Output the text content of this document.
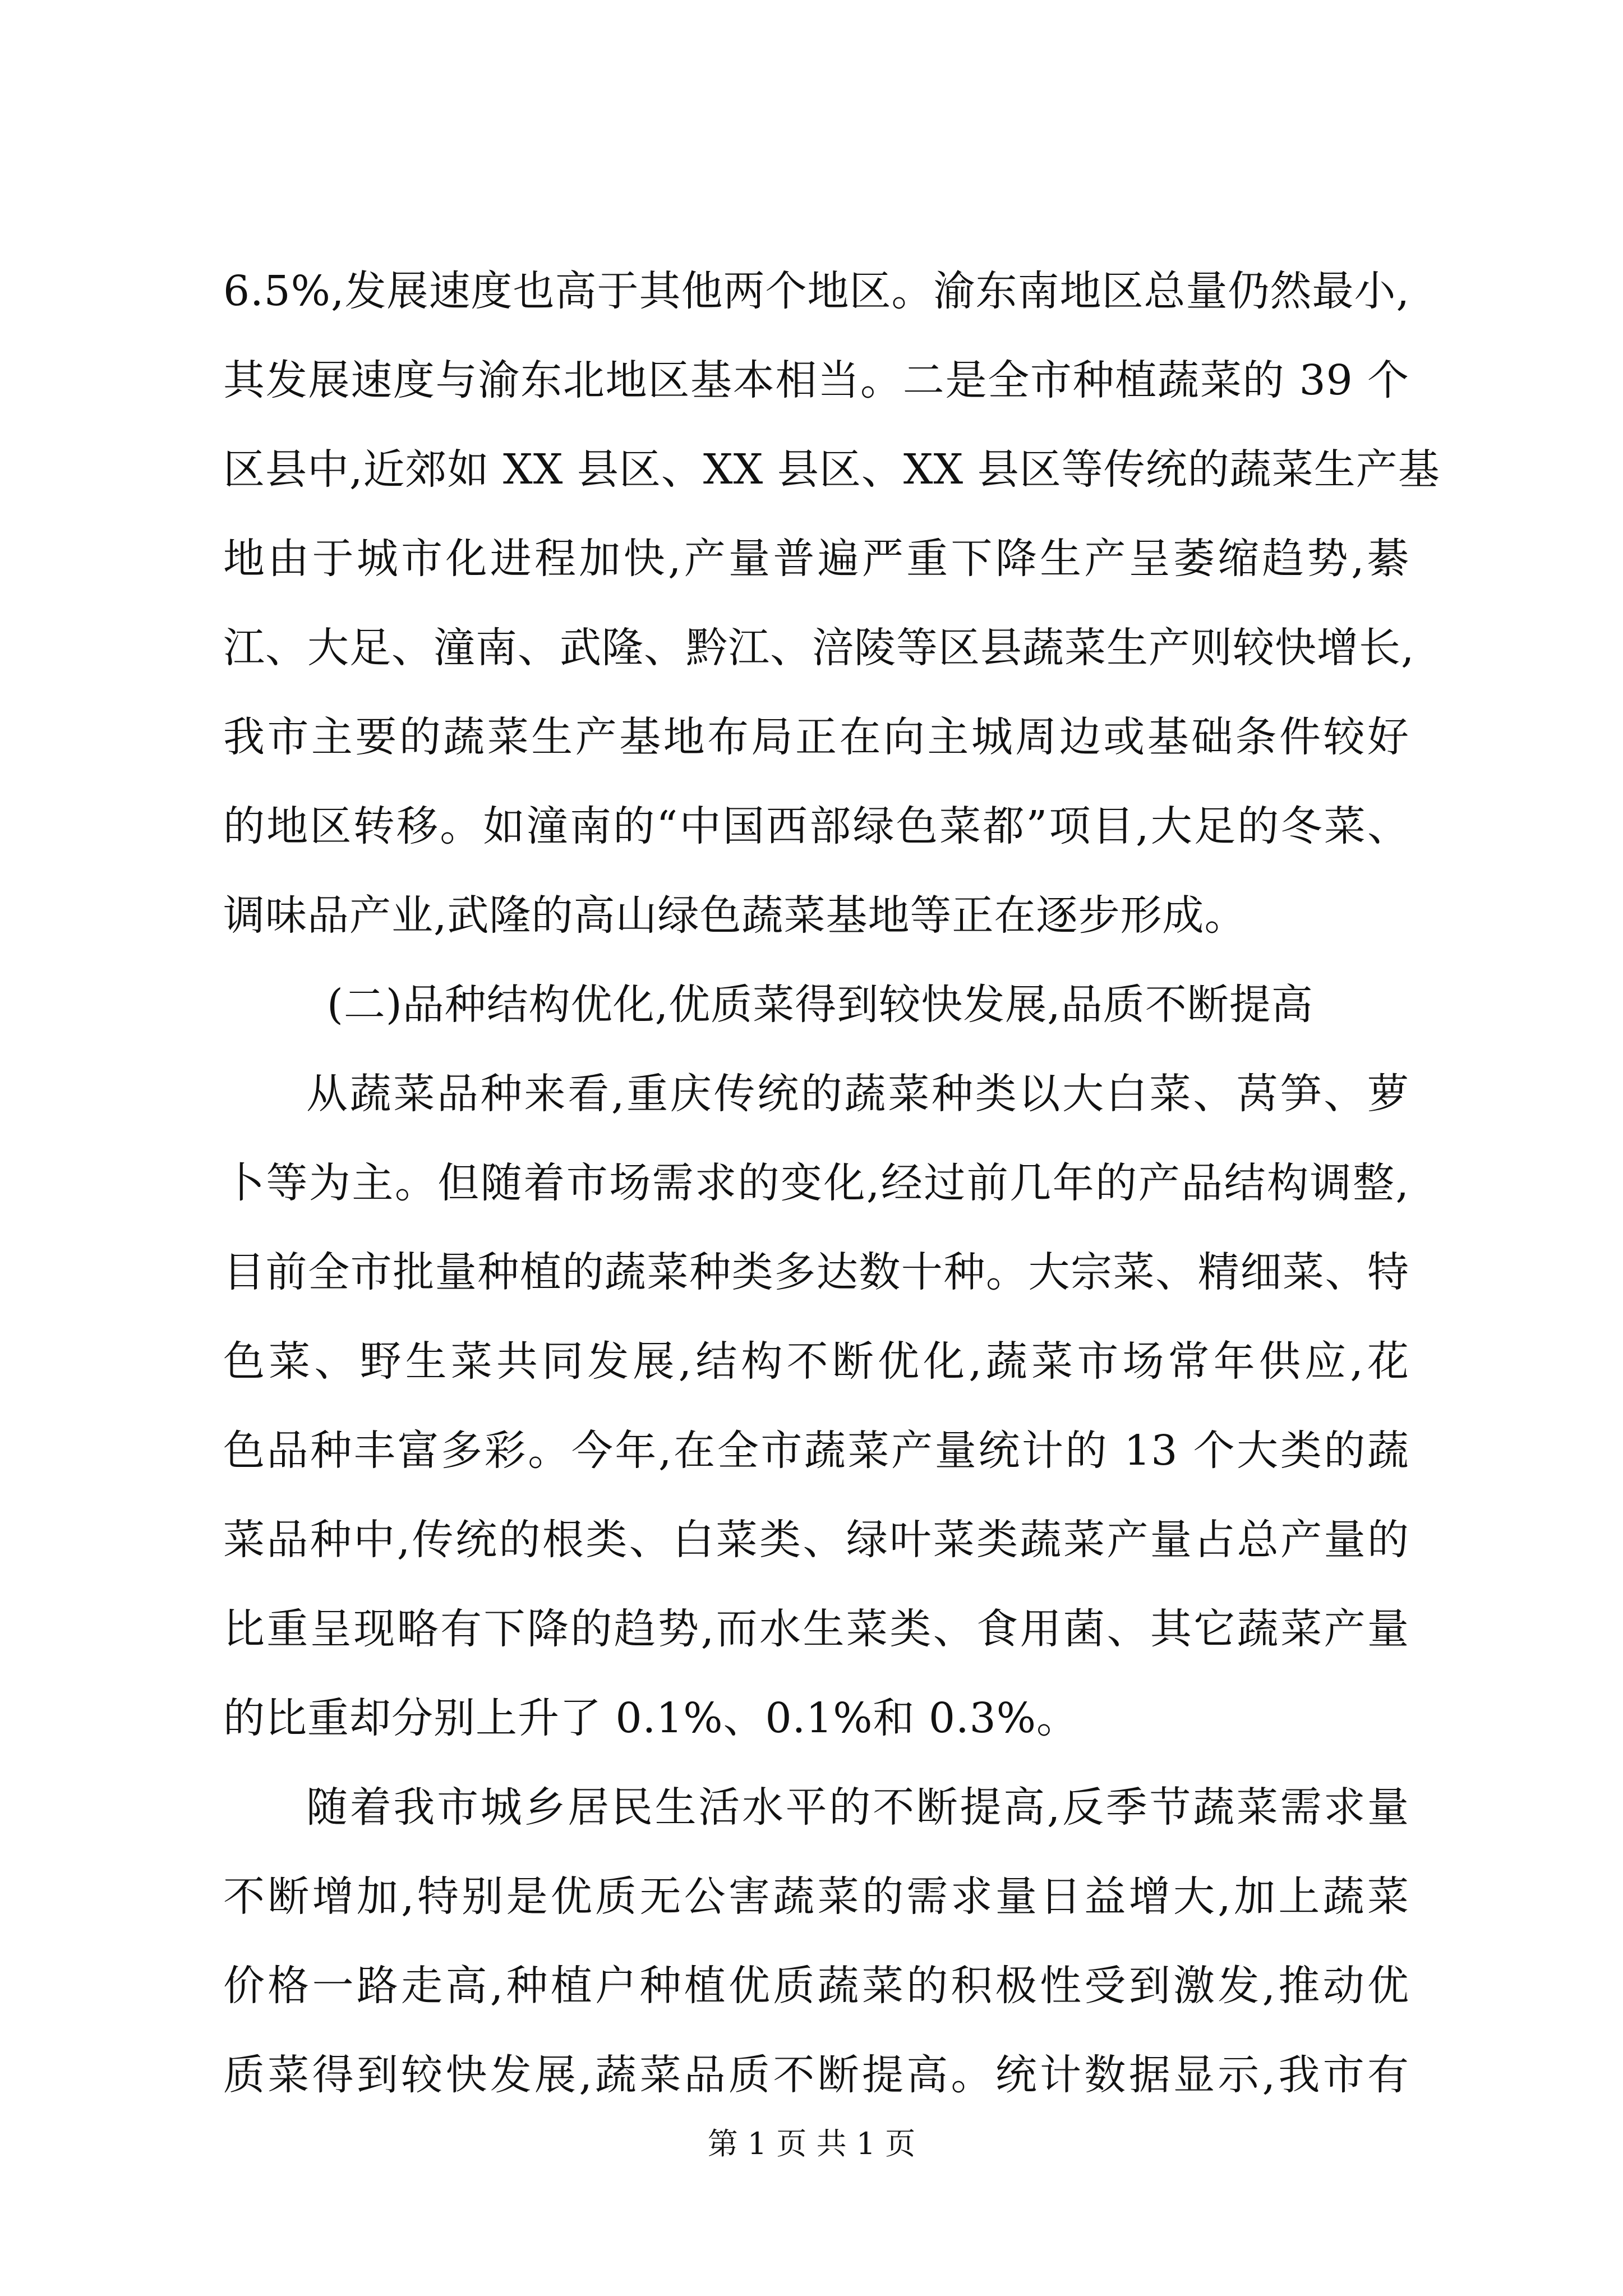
6.5%,发展速度也高于其他两个地区。渝东南地区总量仍然最小,
其发展速度与渝东北地区基本相当。二是全市种植蔬菜的 39 个
区县中,近郊如 XX 县区、XX 县区、XX 县区等传统的蔬菜生产基
地由于城市化进程加快,产量普遍严重下降生产呈萎缩趋势,綦
江、大足、潼南、武隆、黔江、涪陵等区县蔬菜生产则较快增长,
我市主要的蔬菜生产基地布局正在向主城周边或基础条件较好
的地区转移。如潼南的“中国西部绿色菜都”项目,大足的冬菜、
调味品产业,武隆的高山绿色蔬菜基地等正在逐步形成。
(二)品种结构优化,优质菜得到较快发展,品质不断提高
从蔬菜品种来看,重庆传统的蔬菜种类以大白菜、莴笋、萝
卜等为主。但随着市场需求的变化,经过前几年的产品结构调整,
目前全市批量种植的蔬菜种类多达数十种。大宗菜、精细菜、特
色菜、野生菜共同发展,结构不断优化,蔬菜市场常年供应,花
色品种丰富多彩。今年,在全市蔬菜产量统计的 13 个大类的蔬
菜品种中,传统的根类、白菜类、绿叶菜类蔬菜产量占总产量的
比重呈现略有下降的趋势,而水生菜类、食用菌、其它蔬菜产量
的比重却分别上升了 0.1%、0.1%和 0.3%。
随着我市城乡居民生活水平的不断提高,反季节蔬菜需求量
不断增加,特别是优质无公害蔬菜的需求量日益增大,加上蔬菜
价格一路走高,种植户种植优质蔬菜的积极性受到激发,推动优
质菜得到较快发展,蔬菜品质不断提高。统计数据显示,我市有
第 1 页 共 1 页
